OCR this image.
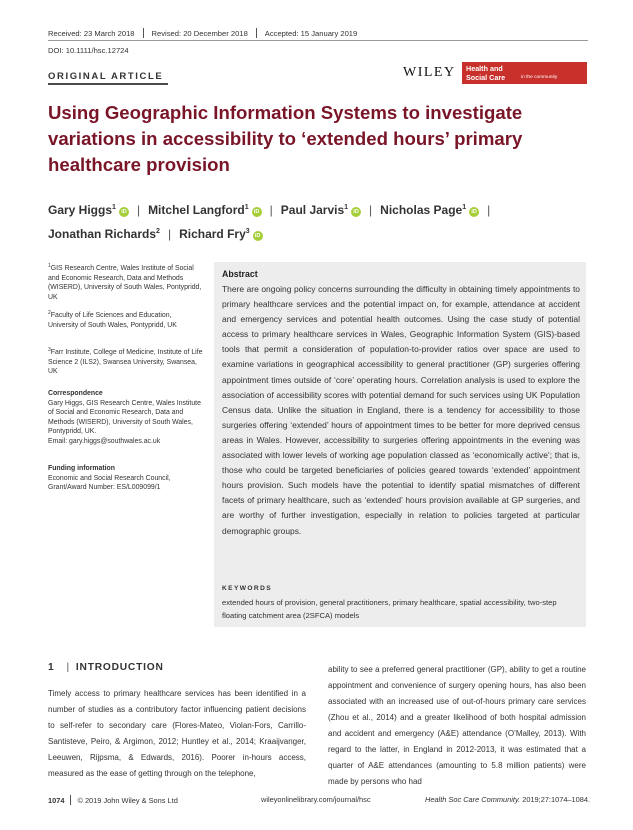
Received: 23 March 2018 Revised: 20 December 2018 Accepted: 15 January 2019
DOI: 10.1111/hsc.12724
ORIGINAL ARTICLE	WILEY Health and
Social Care	in the community
Using Geographic Information Systems to investigate variations in accessibility to ‘extended hours’ primary healthcare provision
Gary Higgs$^1$iD | Mitchel Langford$^1$iD | Paul Jarvis$^1$iD | Nicholas Page$^1$iD |
Jonathan Richards$^2$ | Richard Fry$^3$iD
$^1$GIS Research Centre, Wales Institute of Social and Economic Research, Data and Methods (WISERD), University of South Wales, Pontypridd, UK
$^2$Faculty of Life Sciences and Education, University of South Wales, Pontypridd, UK
$^3$Farr Institute, College of Medicine, Institute of Life Science 2 (ILS2), Swansea University, Swansea, UK
Correspondence
Gary Higgs, GIS Research Centre, Wales Institute of Social and Economic Research, Data and Methods (WISERD), University of South Wales, Pontypridd, UK.
Email: gary.higgs@southwales.ac.uk
Funding information
Economic and Social Research Council, Grant/Award Number: ES/L009099/1
Abstract
There are ongoing policy concerns surrounding the difficulty in obtaining timely appointments to primary healthcare services and the potential impact on, for example, attendance at accident and emergency services and potential health outcomes. Using the case study of potential access to primary healthcare services in Wales, Geographic Information System (GIS)-based tools that permit a consideration of population-to-provider ratios over space are used to examine variations in geographical accessibility to general practitioner (GP) surgeries offering appointment times outside of ‘core’ operating hours. Correlation analysis is used to explore the association of accessibility scores with potential demand for such services using UK Population Census data. Unlike the situation in England, there is a tendency for accessibility to those surgeries offering ‘extended’ hours of appointment times to be better for more deprived census areas in Wales. However, accessibility to surgeries offering appointments in the evening was associated with lower levels of working age population classed as ‘economically active’; that is, those who could be targeted beneficiaries of policies geared towards ‘extended’ appointment hours provision. Such models have the potential to identify spatial mismatches of different facets of primary healthcare, such as ‘extended’ hours provision available at GP surgeries, and are worthy of further investigation, especially in relation to policies targeted at particular demographic groups.
KEYWORDS
extended hours of provision, general practitioners, primary healthcare, spatial accessibility, two-step floating catchment area (2SFCA) models
1 | INTRODUCTION
Timely access to primary healthcare services has been identified in a number of studies as a contributory factor influencing patient decisions to self-refer to secondary care (Flores-Mateo, Violan-Fors, Carrillo-Santisteve, Peiro, & Argimon, 2012; Huntley et al., 2014; Kraaijvanger, Leeuwen, Rijpsma, & Edwards, 2016). Poorer in-hours access, measured as the ease of getting through on the telephone,
ability to see a preferred general practitioner (GP), ability to get a routine appointment and convenience of surgery opening hours, has also been associated with an increased use of out-of-hours primary care services (Zhou et al., 2014) and a greater likelihood of both hospital admission and accident and emergency (A&E) attendance (O’Malley, 2013). With regard to the latter, in England in 2012-2013, it was estimated that a quarter of A&E attendances (amounting to 5.8 million patients) were made by persons who had
1074 © 2019 John Wiley & Sons Ltd	wileyonlinelibrary.com/journal/hsc	Health Soc Care Community. 2019;27:1074–1084.
